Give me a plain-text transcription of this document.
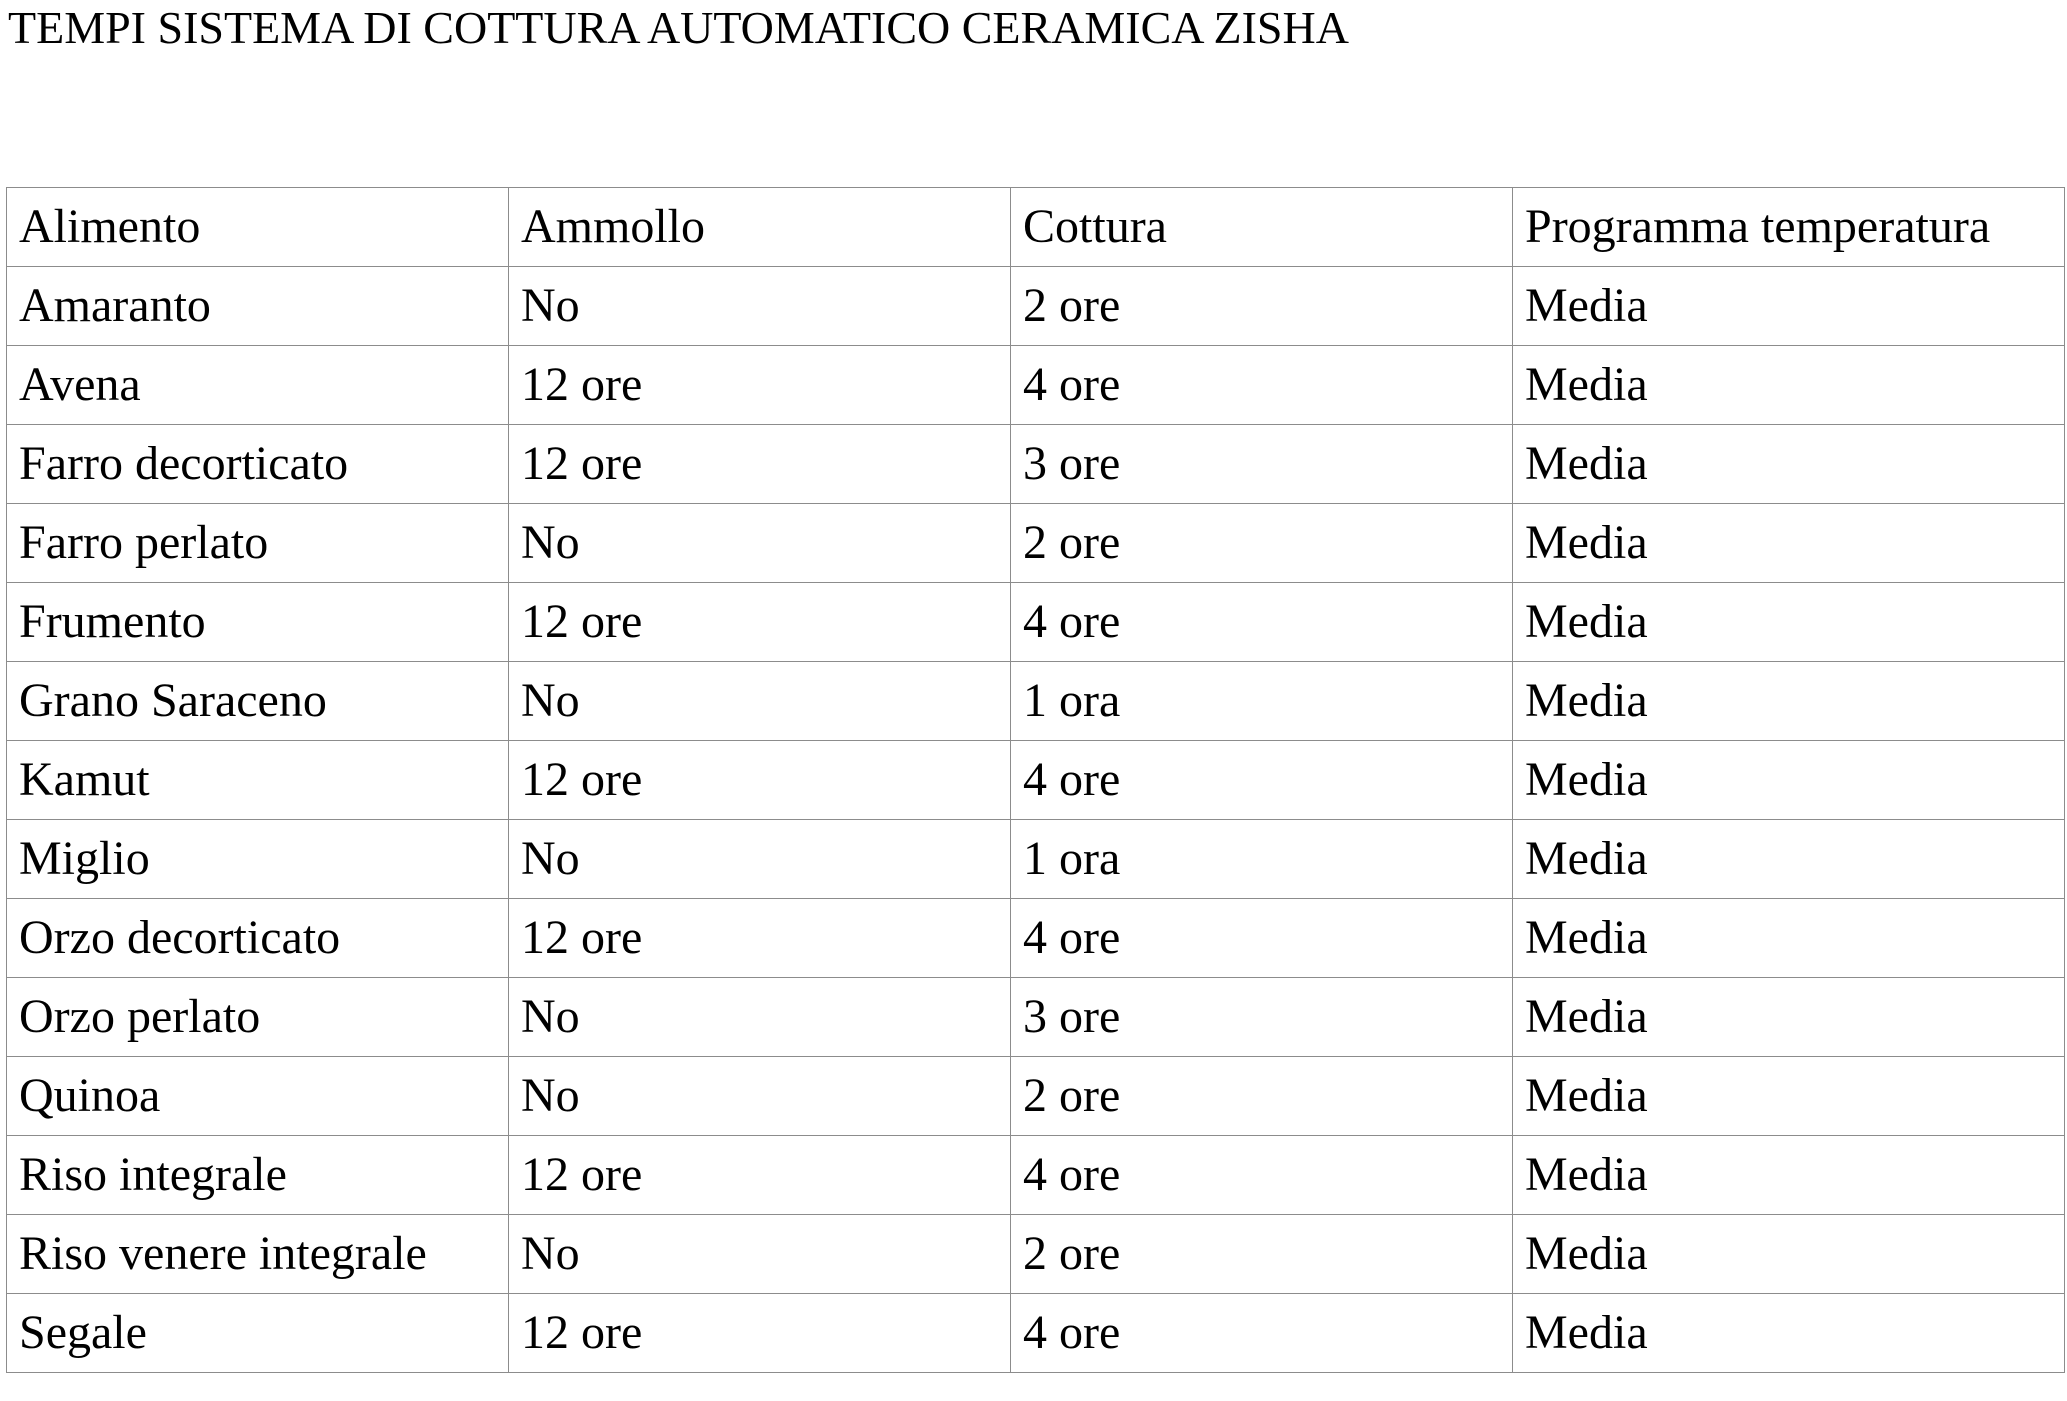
TEMPI SISTEMA DI COTTURA AUTOMATICO CERAMICA ZISHA
Alimento	Ammollo	Cottura	Programma temperatura
Amaranto	No	2 ore	Media
Avena	12 ore	4 ore	Media
Farro decorticato	12 ore	3 ore	Media
Farro perlato	No	2 ore	Media
Frumento	12 ore	4 ore	Media
Grano Saraceno	No	1 ora	Media
Kamut	12 ore	4 ore	Media
Miglio	No	1 ora	Media
Orzo decorticato	12 ore	4 ore	Media
Orzo perlato	No	3 ore	Media
Quinoa	No	2 ore	Media
Riso integrale	12 ore	4 ore	Media
Riso venere integrale	No	2 ore	Media
Segale	12 ore	4 ore	Media
